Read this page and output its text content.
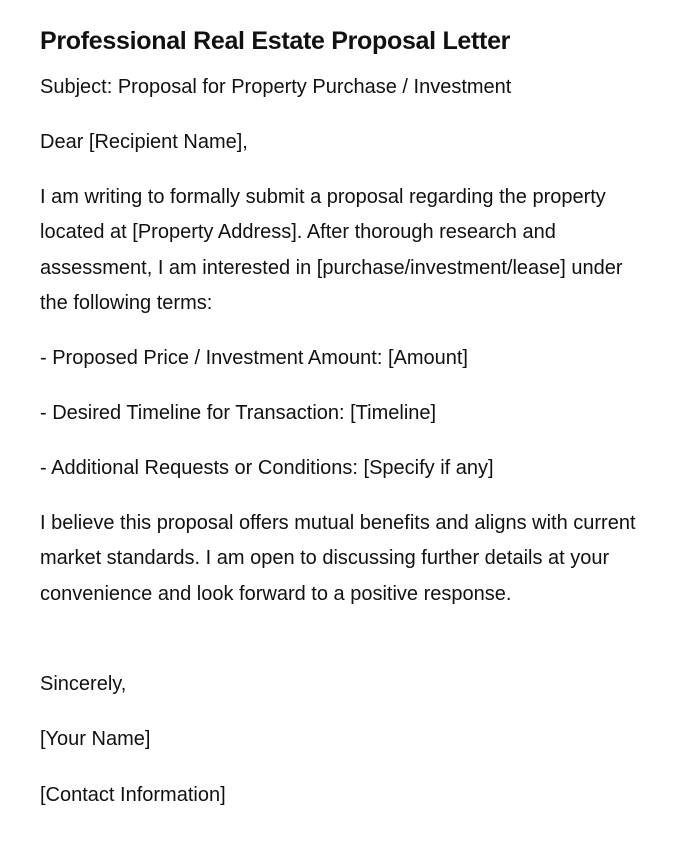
Professional Real Estate Proposal Letter

Subject: Proposal for Property Purchase / Investment

Dear [Recipient Name],

I am writing to formally submit a proposal regarding the property located at [Property Address]. After thorough research and assessment, I am interested in [purchase/investment/lease] under the following terms:

- Proposed Price / Investment Amount: [Amount]

- Desired Timeline for Transaction: [Timeline]

- Additional Requests or Conditions: [Specify if any]

I believe this proposal offers mutual benefits and aligns with current market standards. I am open to discussing further details at your convenience and look forward to a positive response.

Sincerely,

[Your Name]

[Contact Information]
